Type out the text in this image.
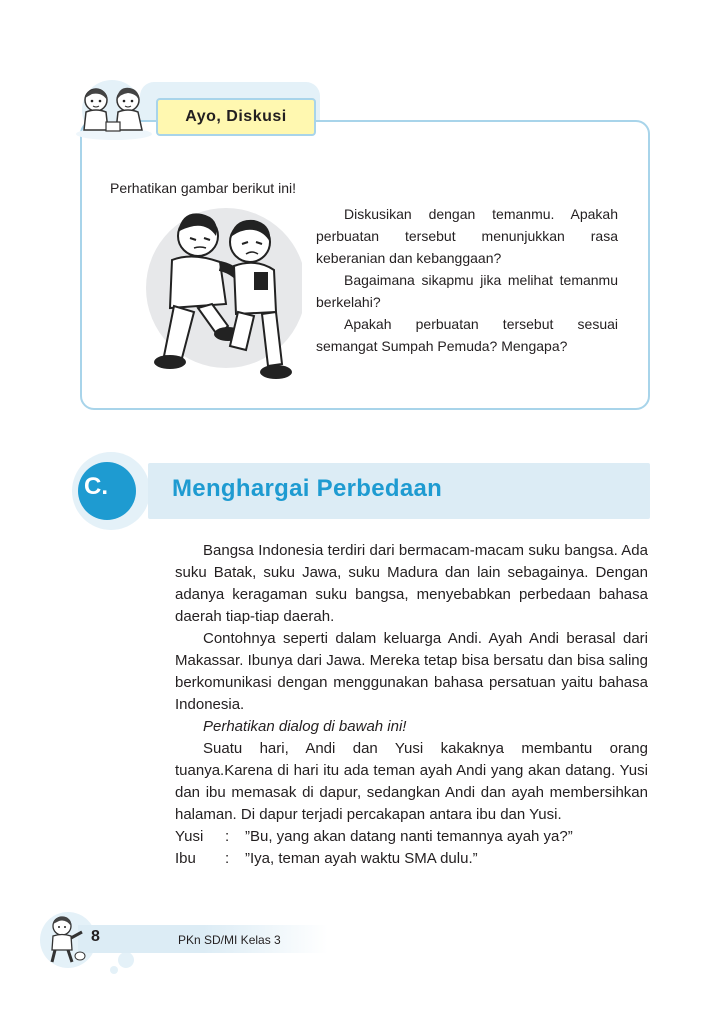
Ayo, Diskusi
Perhatikan gambar berikut ini!

Diskusikan dengan temanmu. Apakah perbuatan tersebut menunjukkan rasa keberanian dan kebanggaan?

Bagaimana sikapmu jika melihat temanmu berkelahi?

Apakah perbuatan tersebut sesuai semangat Sumpah Pemuda? Mengapa?

C.	Menghargai Perbedaan

Bangsa Indonesia terdiri dari bermacam-macam suku bangsa. Ada suku Batak, suku Jawa, suku Madura dan lain sebagainya. Dengan adanya keragaman suku bangsa, menyebabkan perbedaan bahasa daerah tiap-tiap daerah.

Contohnya seperti dalam keluarga Andi. Ayah Andi berasal dari Makassar. Ibunya dari Jawa. Mereka tetap bisa bersatu dan bisa saling berkomunikasi dengan menggunakan bahasa persatuan yaitu bahasa Indonesia.

Perhatikan dialog di bawah ini!

Suatu hari, Andi dan Yusi kakaknya membantu orang tuanya.Karena di hari itu ada teman ayah Andi yang akan datang. Yusi dan ibu memasak di dapur, sedangkan Andi dan ayah membersihkan halaman. Di dapur terjadi percakapan antara ibu dan Yusi.

Yusi	:	”Bu, yang akan datang nanti temannya ayah ya?”
Ibu	:	”Iya, teman ayah waktu SMA dulu.”
8	PKn SD/MI Kelas 3
